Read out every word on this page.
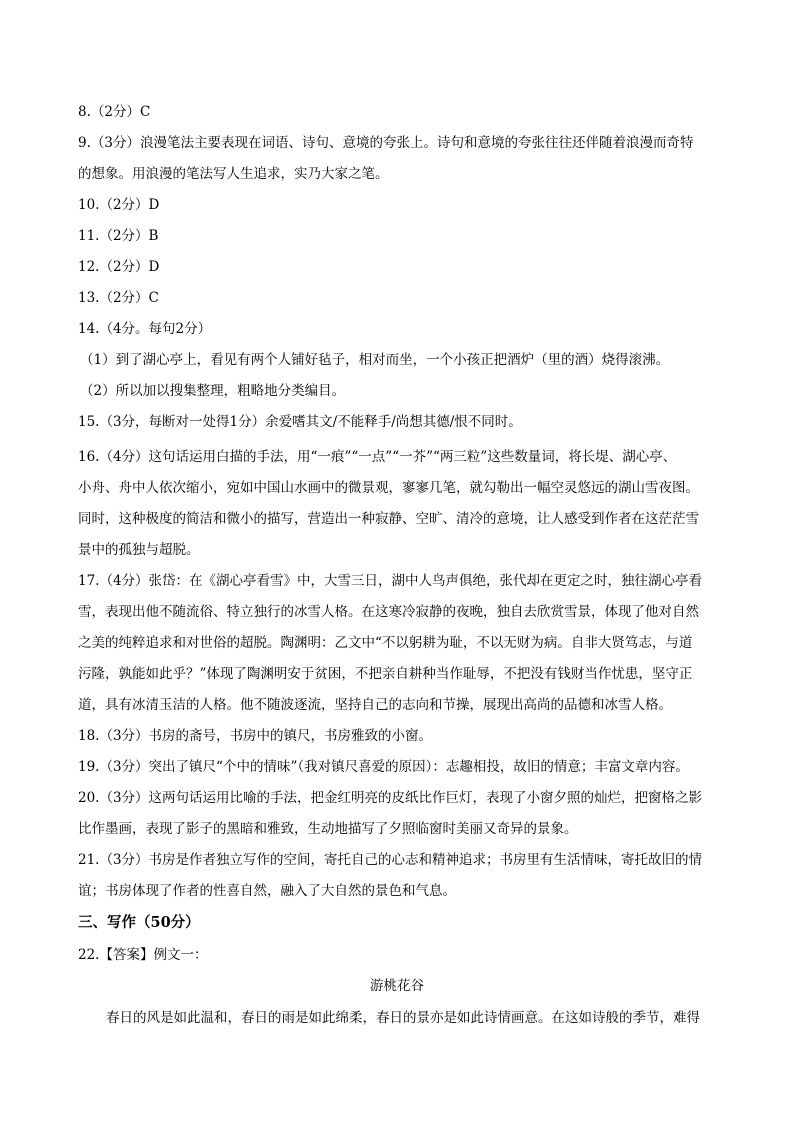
8.（2分）C
9.（3分）浪漫笔法主要表现在词语、诗句、意境的夸张上。诗句和意境的夸张往往还伴随着浪漫而奇特
的想象。用浪漫的笔法写人生追求，实乃大家之笔。
10.（2分）D
11.（2分）B
12.（2分）D
13.（2分）C
14.（4分。每句2分）
（1）到了湖心亭上，看见有两个人铺好毡子，相对而坐，一个小孩正把酒炉（里的酒）烧得滚沸。
（2）所以加以搜集整理，粗略地分类编目。
15.（3分，每断对一处得1分）余爱嗜其文/不能释手/尚想其德/恨不同时。
16.（4分）这句话运用白描的手法，用“一痕”“一点”“一芥”“两三粒”这些数量词，将长堤、湖心亭、
小舟、舟中人依次缩小，宛如中国山水画中的微景观，寥寥几笔，就勾勒出一幅空灵悠远的湖山雪夜图。
同时，这种极度的简洁和微小的描写，营造出一种寂静、空旷、清冷的意境，让人感受到作者在这茫茫雪
景中的孤独与超脱。
17.（4分）张岱：在《湖心亭看雪》中，大雪三日，湖中人鸟声俱绝，张代却在更定之时，独往湖心亭看
雪，表现出他不随流俗、特立独行的冰雪人格。在这寒冷寂静的夜晚，独自去欣赏雪景，体现了他对自然
之美的纯粹追求和对世俗的超脱。陶渊明：乙文中“不以躬耕为耻，不以无财为病。自非大贤笃志，与道
污隆，孰能如此乎？”体现了陶渊明安于贫困，不把亲自耕种当作耻辱，不把没有钱财当作忧患，坚守正
道，具有冰清玉洁的人格。他不随波逐流，坚持自己的志向和节操，展现出高尚的品德和冰雪人格。
18.（3分）书房的斋号，书房中的镇尺，书房雅致的小窗。
19.（3分）突出了镇尺“个中的情味”（我对镇尺喜爱的原因）：志趣相投，故旧的情意；丰富文章内容。
20.（3分）这两句话运用比喻的手法，把金红明亮的皮纸比作巨灯，表现了小窗夕照的灿烂，把窗格之影
比作墨画，表现了影子的黑暗和雅致，生动地描写了夕照临窗时美丽又奇异的景象。
21.（3分）书房是作者独立写作的空间，寄托自己的心志和精神追求；书房里有生活情味，寄托故旧的情
谊；书房体现了作者的性喜自然，融入了大自然的景色和气息。
三、写作（50分）
22.【答案】例文一：
游桃花谷
春日的风是如此温和，春日的雨是如此绵柔，春日的景亦是如此诗情画意。在这如诗般的季节，难得
